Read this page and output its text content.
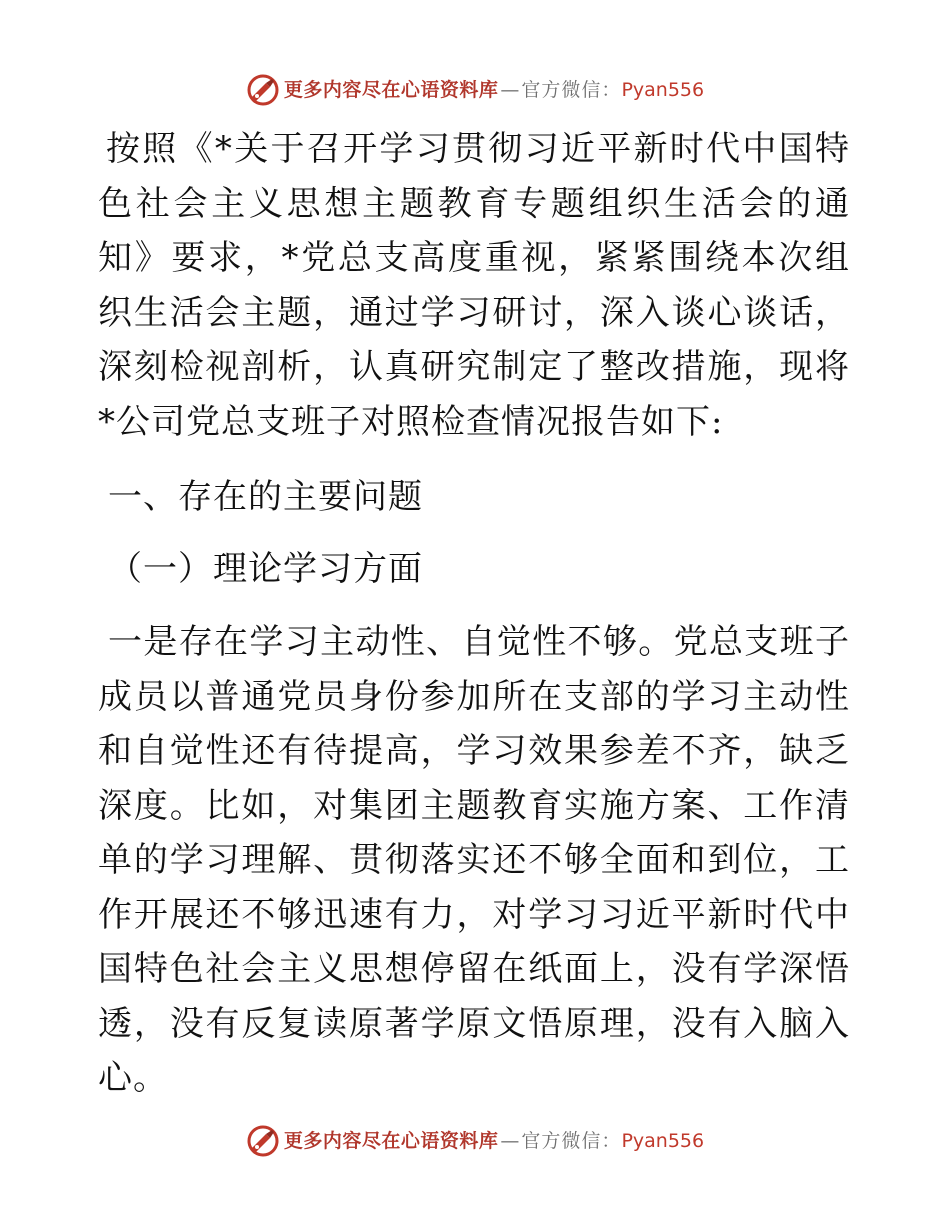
更多内容尽在心语资料库 — 官方微信： Pyan556

按照《*关于召开学习贯彻习近平新时代中国特色社会主义思想主题教育专题组织生活会的通知》要求，*党总支高度重视，紧紧围绕本次组织生活会主题，通过学习研讨，深入谈心谈话，深刻检视剖析，认真研究制定了整改措施，现将*公司党总支班子对照检查情况报告如下:

一、存在的主要问题
（一）理论学习方面

一是存在学习主动性、自觉性不够。党总支班子成员以普通党员身份参加所在支部的学习主动性和自觉性还有待提高，学习效果参差不齐，缺乏深度。比如，对集团主题教育实施方案、工作清单的学习理解、贯彻落实还不够全面和到位，工作开展还不够迅速有力，对学习习近平新时代中国特色社会主义思想停留在纸面上，没有学深悟透，没有反复读原著学原文悟原理，没有入脑入心。

更多内容尽在心语资料库 — 官方微信： Pyan556
